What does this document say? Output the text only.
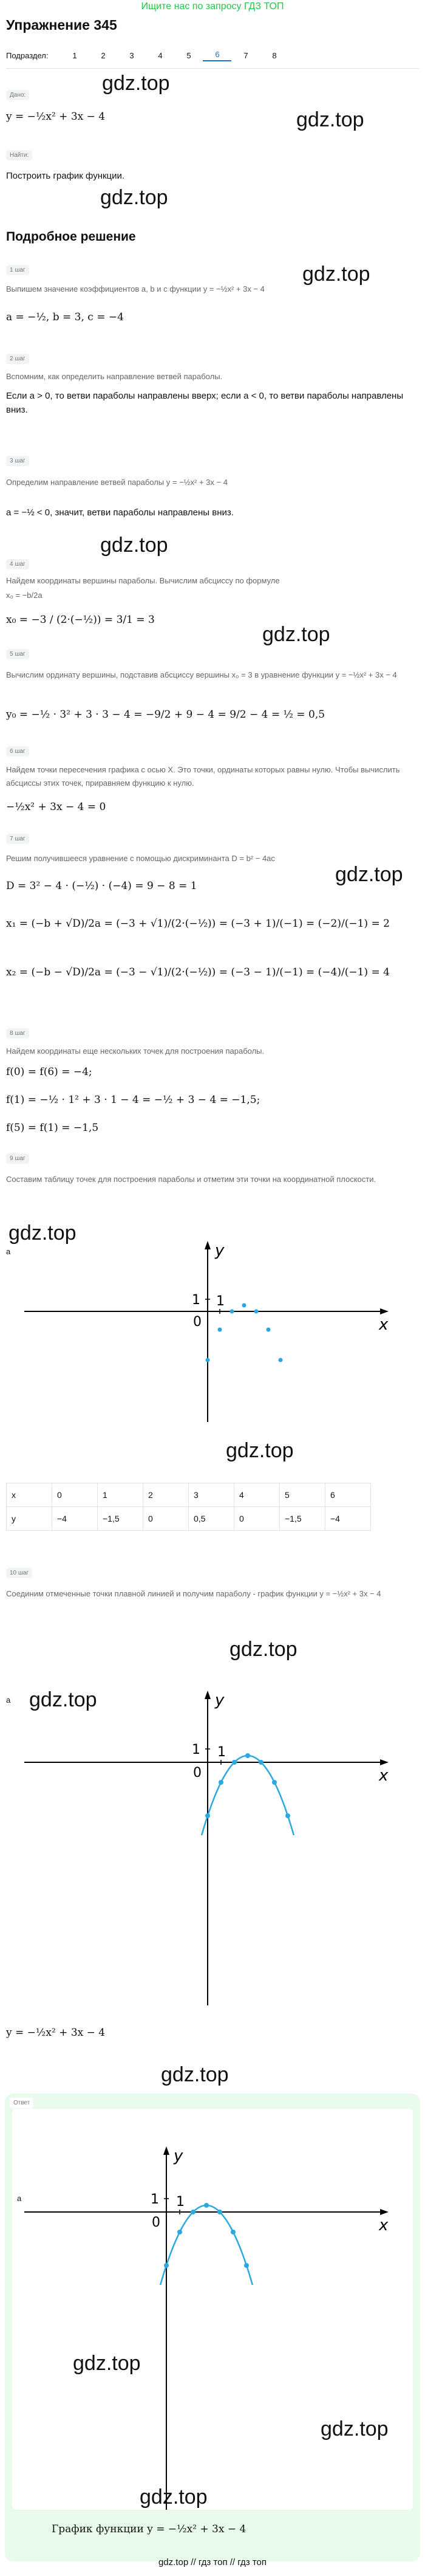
Ищите нас по запросу ГДЗ ТОП
Упражнение 345
Подраздел:	1	2	3	4	5	6	7	8
gdz.top
gdz.top
gdz.top
gdz.top
gdz.top
gdz.top
gdz.top
Дано:
y = −½x² + 3x − 4
Найти:
Построить график функции.
Подробное решение
1 шаг
Выпишем значение коэффициентов a, b и c функции y = −½x² + 3x − 4
a = −½, b = 3, c = −4
2 шаг
Вспомним, как определить направление ветвей параболы.
Если a > 0, то ветви параболы направлены вверх; если a < 0, то ветви параболы направлены вниз.
3 шаг
Определим направление ветвей параболы y = −½x² + 3x − 4
a = −½ < 0, значит, ветви параболы направлены вниз.
4 шаг
Найдем координаты вершины параболы. Вычислим абсциссу по формуле
x₀ = −b/2a
x₀ = −3 / (2·(−½)) = 3/1 = 3
5 шаг
Вычислим ординату вершины, подставив абсциссу вершины x₀ = 3 в уравнение функции y = −½x² + 3x − 4
y₀ = −½ · 3² + 3 · 3 − 4 = −9/2 + 9 − 4 = 9/2 − 4 = ½ = 0,5
6 шаг
Найдем точки пересечения графика с осью X. Это точки, ординаты которых равны нулю. Чтобы вычислить абсциссы этих точек, приравняем функцию к нулю.
−½x² + 3x − 4 = 0
7 шаг
Решим получившееся уравнение с помощью дискриминанта D = b² − 4ac
D = 3² − 4 · (−½) · (−4) = 9 − 8 = 1
x₁ = (−b + √D)/2a = (−3 + √1)/(2·(−½)) = (−3 + 1)/(−1) = (−2)/(−1) = 2
x₂ = (−b − √D)/2a = (−3 − √1)/(2·(−½)) = (−3 − 1)/(−1) = (−4)/(−1) = 4
8 шаг
Найдем координаты еще нескольких точек для построения параболы.
f(0) = f(6) = −4;
f(1) = −½ · 1² + 3 · 1 − 4 = −½ + 3 − 4 = −1,5;
f(5) = f(1) = −1,5
9 шаг
Составим таблицу точек для построения параболы и отметим эти точки на координатной плоскости.
gdz.top
gdz.top
a
x
y
1 1
0
x	0	1	2	3	4	5	6
y	−4	−1,5	0	0,5	0	−1,5	−4
10 шаг
Соединим отмеченные точки плавной линией и получим параболу - график функции y = −½x² + 3x − 4
gdz.top
gdz.top
a
x
y
1 1
0
y = −½x² + 3x − 4
gdz.top
Ответ
a
x
y
1 1
0
gdz.top
gdz.top
gdz.top
График функции y = −½x² + 3x − 4
gdz.top // гдз топ // гдз топ
